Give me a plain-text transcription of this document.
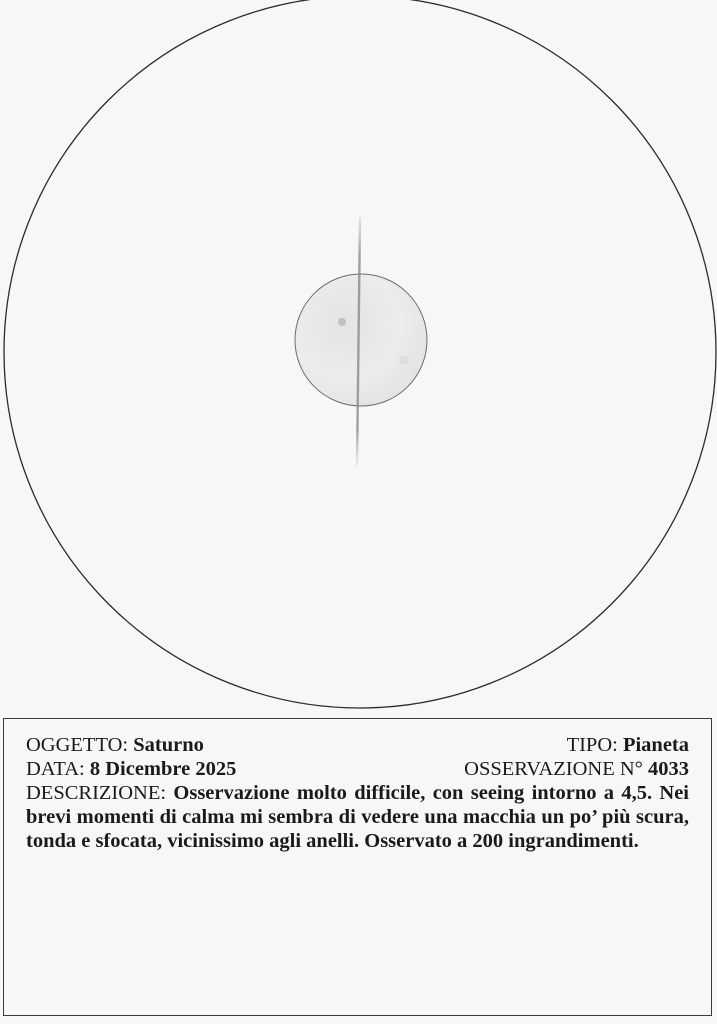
OGGETTO: Saturno	TIPO: Pianeta
DATA: 8 Dicembre 2025	OSSERVAZIONE N° 4033
DESCRIZIONE: Osservazione molto difficile, con seeing intorno a 4,5. Nei brevi momenti di calma mi sembra di vedere una macchia un po’ più scura, tonda e sfocata, vicinissimo agli anelli. Osservato a 200 ingrandimenti.
